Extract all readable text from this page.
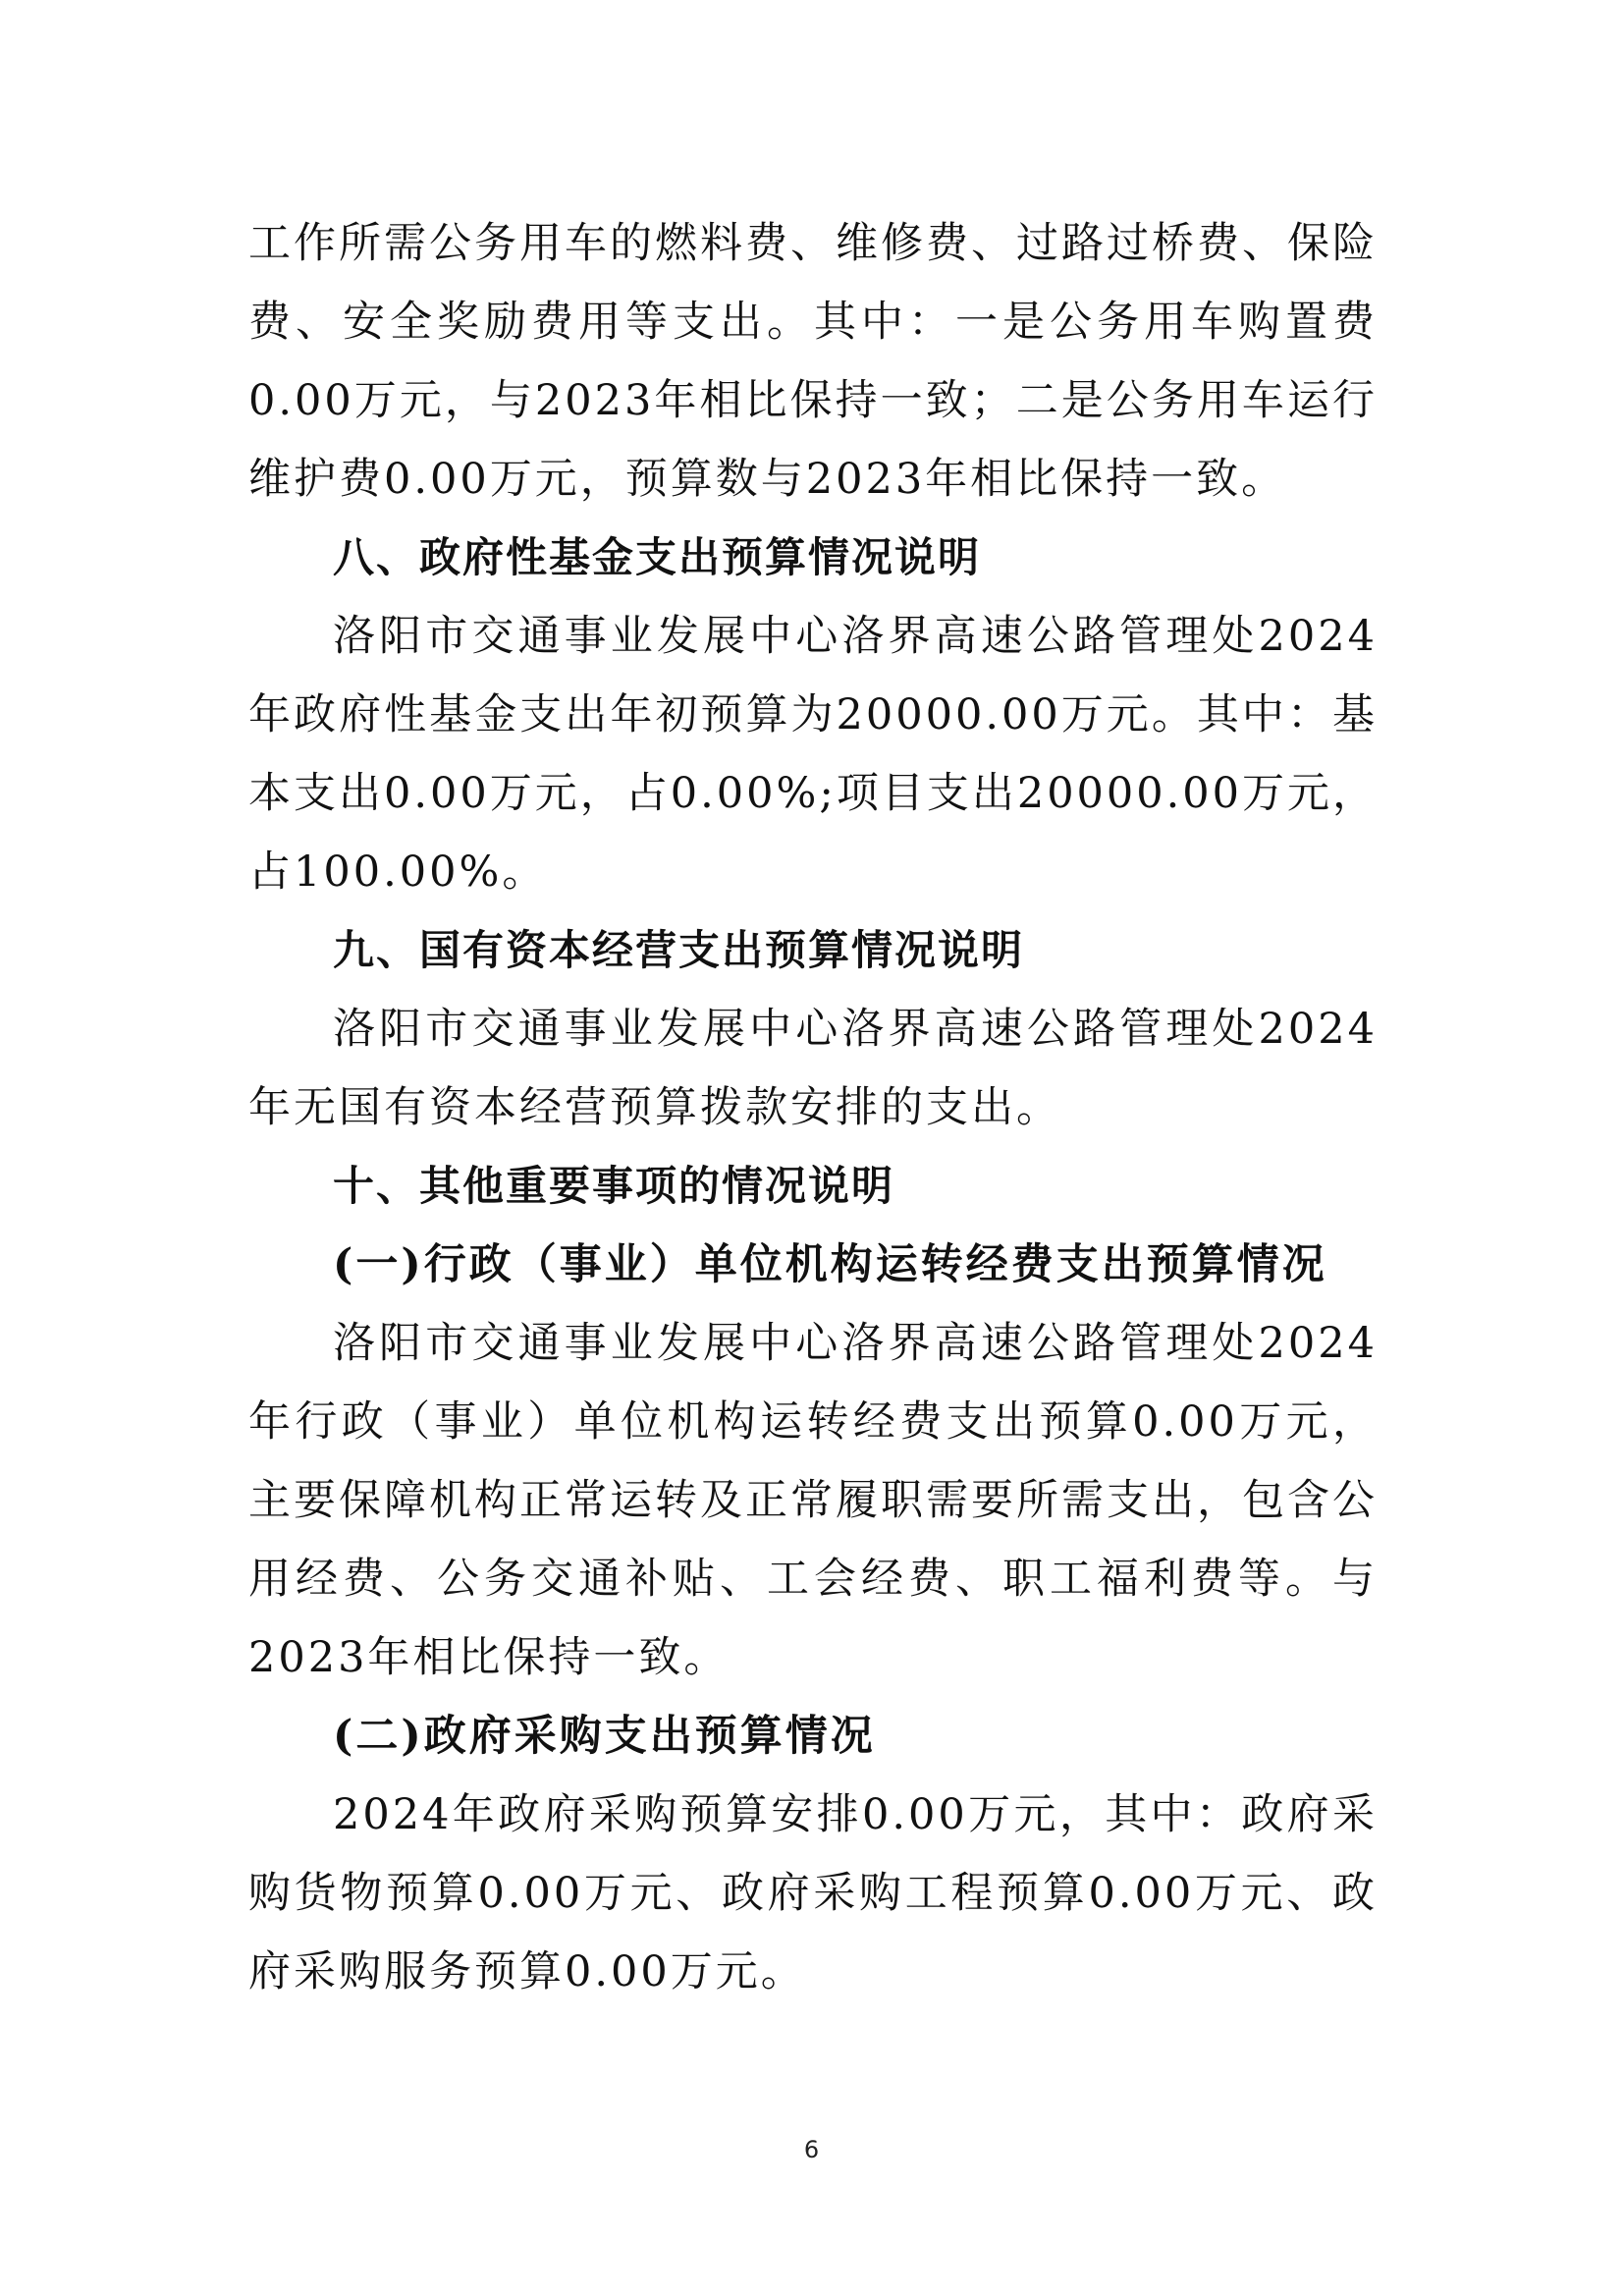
工作所需公务用车的燃料费、维修费、过路过桥费、保险费、安全奖励费用等支出。其中：一是公务用车购置费0.00万元，与2023年相比保持一致；二是公务用车运行维护费0.00万元，预算数与2023年相比保持一致。

八、政府性基金支出预算情况说明

洛阳市交通事业发展中心洛界高速公路管理处2024年政府性基金支出年初预算为20000.00万元。其中：基本支出0.00万元，占0.00%;项目支出20000.00万元，占100.00%。

九、国有资本经营支出预算情况说明

洛阳市交通事业发展中心洛界高速公路管理处2024年无国有资本经营预算拨款安排的支出。

十、其他重要事项的情况说明
(一)行政（事业）单位机构运转经费支出预算情况

洛阳市交通事业发展中心洛界高速公路管理处2024年行政（事业）单位机构运转经费支出预算0.00万元，主要保障机构正常运转及正常履职需要所需支出，包含公用经费、公务交通补贴、工会经费、职工福利费等。与2023年相比保持一致。

(二)政府采购支出预算情况

2024年政府采购预算安排0.00万元，其中：政府采购货物预算0.00万元、政府采购工程预算0.00万元、政府采购服务预算0.00万元。

6
